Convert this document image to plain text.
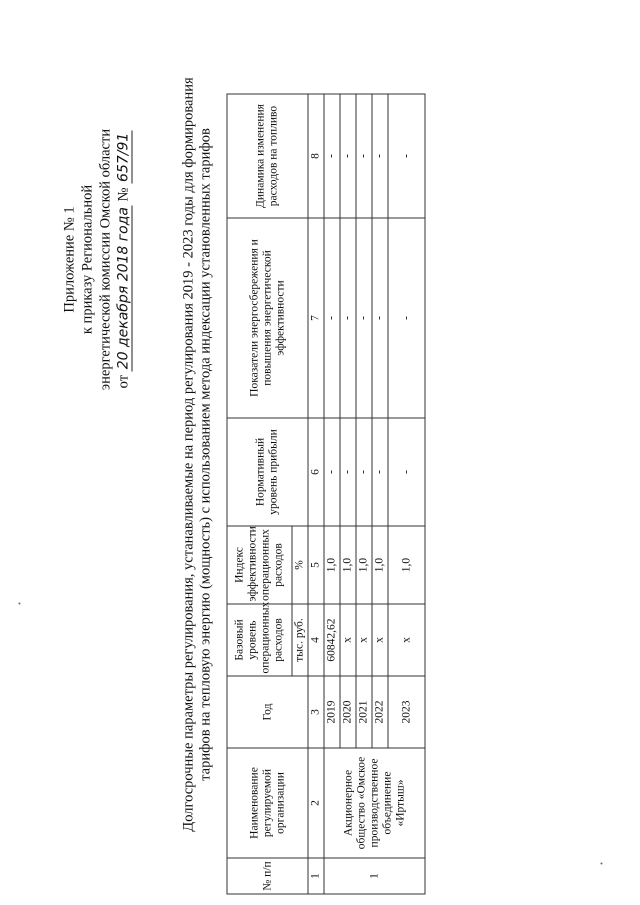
Приложение № 1 к приказу Региональной энергетической комиссии Омской области от 20 декабря 2018 года № 657/91	Долгосрочные параметры регулирования, устанавливаемые на период регулирования 2019 - 2023 годы для формирования тарифов на тепловую энергию (мощность) с использованием метода индексации установленных тарифов
№ п/п	Наименование регулируемой организации	Год	Базовый уровень операционных расходов	Индекс эффективности операционных расходов	Нормативный уровень прибыли	Показатели энергосбережения и повышения энергетической эффективности	Динамика изменения расходов на топливо
			тыс. руб.	%			
1	2	3	4	5	6	7	8
1	Акционерное общество «Омское производственное объединение «Иртыш»	2019	60842,62	1,0	-	-	-
		2020	х	1,0	-	-	-
		2021	х	1,0	-	-	-
		2022	х	1,0	-	-	-
		2023	х	1,0	-	-	-
